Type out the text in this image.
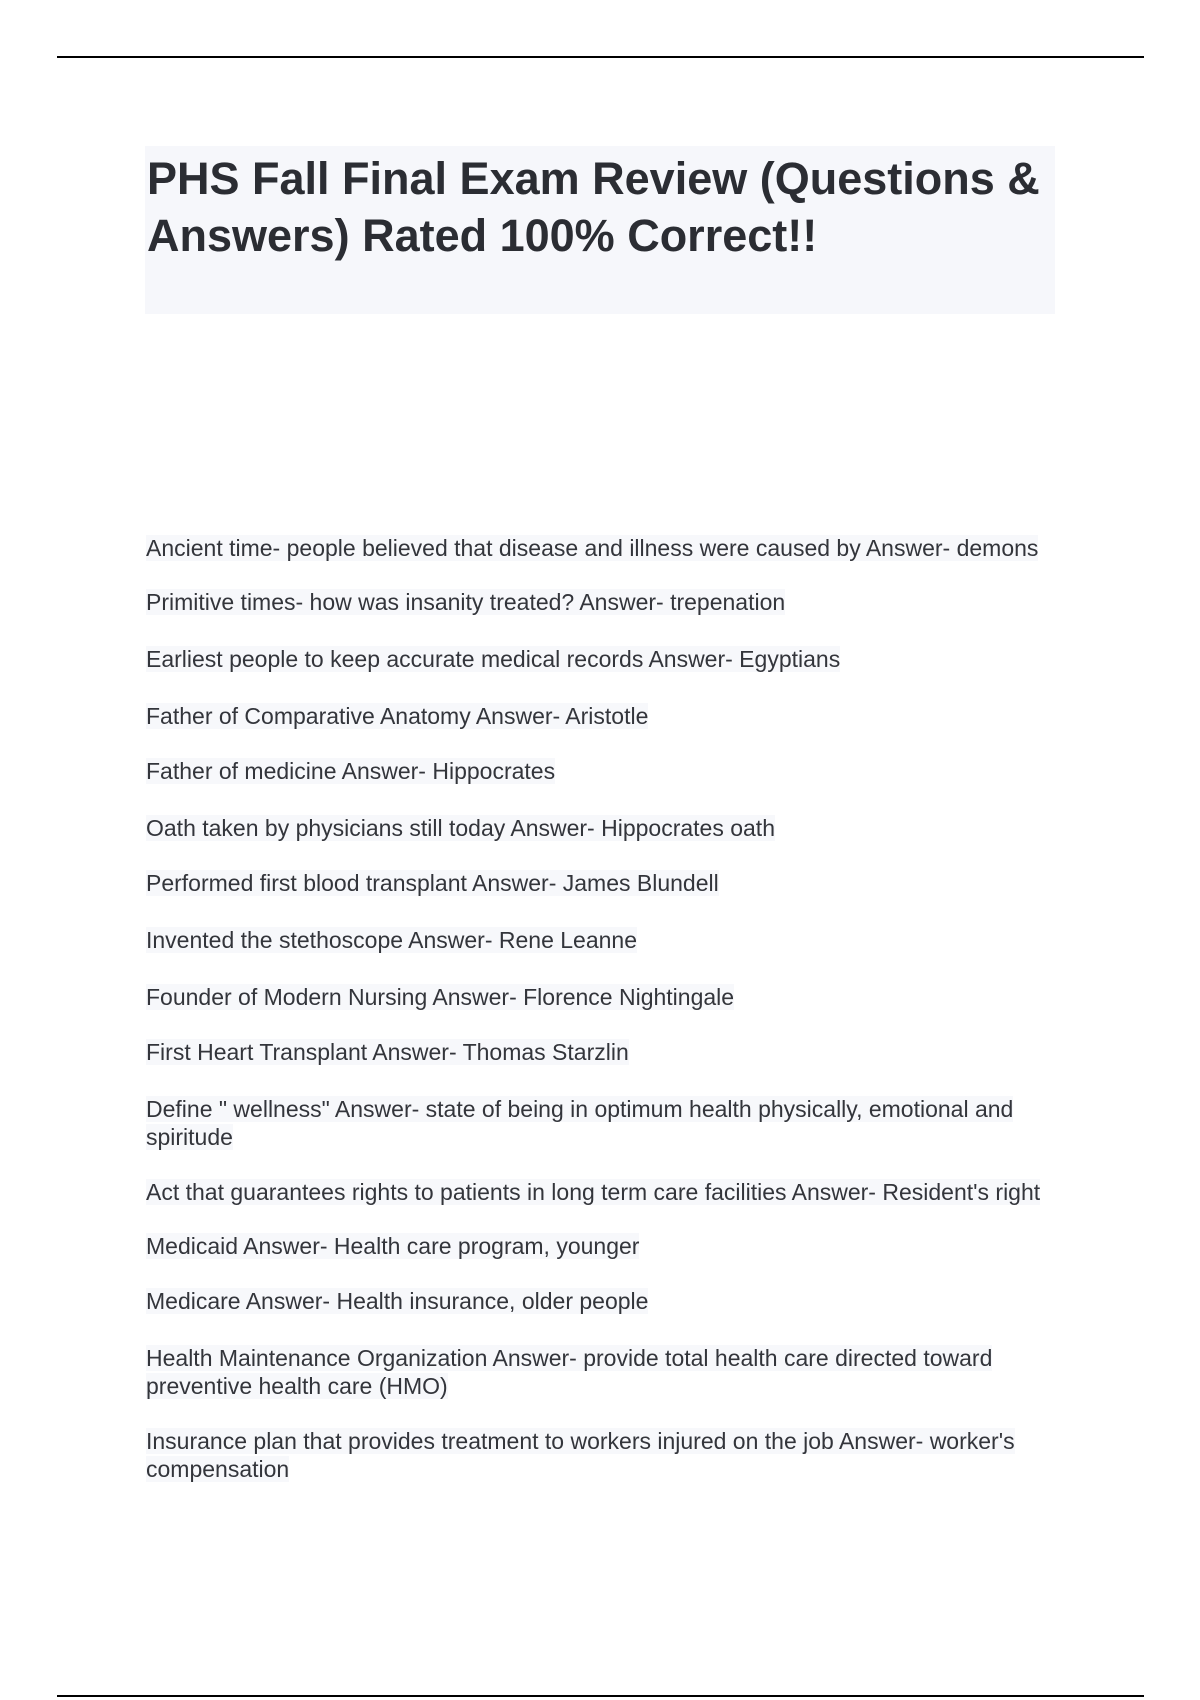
PHS Fall Final Exam Review (Questions & Answers) Rated 100% Correct!!
Ancient time- people believed that disease and illness were caused by Answer- demons
Primitive times- how was insanity treated? Answer- trepenation
Earliest people to keep accurate medical records Answer- Egyptians
Father of Comparative Anatomy Answer- Aristotle
Father of medicine Answer- Hippocrates
Oath taken by physicians still today Answer- Hippocrates oath
Performed first blood transplant Answer- James Blundell
Invented the stethoscope Answer- Rene Leanne
Founder of Modern Nursing Answer- Florence Nightingale
First Heart Transplant Answer- Thomas Starzlin
Define " wellness" Answer- state of being in optimum health physically, emotional and spiritude
Act that guarantees rights to patients in long term care facilities Answer- Resident's right
Medicaid Answer- Health care program, younger
Medicare Answer- Health insurance, older people
Health Maintenance Organization Answer- provide total health care directed toward preventive health care (HMO)
Insurance plan that provides treatment to workers injured on the job Answer- worker's compensation
